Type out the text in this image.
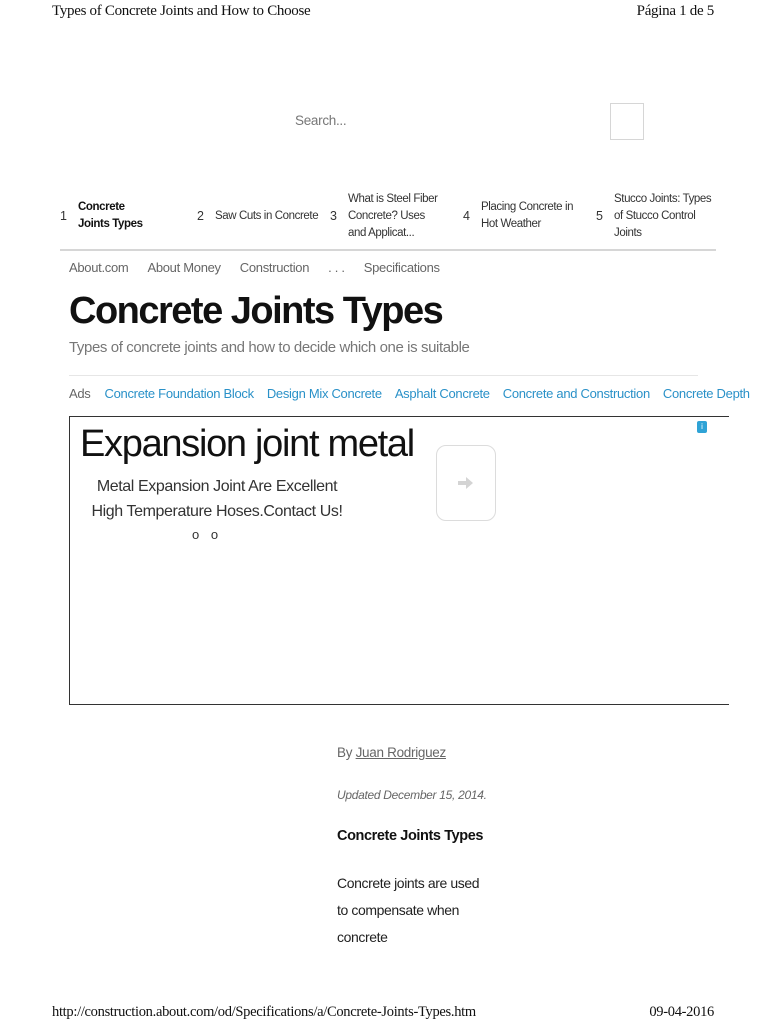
Types of Concrete Joints and How to Choose	Página 1 de 5
Search...
1
Concrete Joints Types
2 Saw Cuts in Concrete 3
What is Steel Fiber Concrete? Uses and Applicat...
4
Placing Concrete in Hot Weather
5
Stucco Joints: Types of Stucco Control Joints
About.com About Money Construction . . . Specifications
Concrete Joints Types
Types of concrete joints and how to decide which one is suitable
Ads Concrete Foundation Block Design Mix Concrete Asphalt Concrete Concrete and Construction Concrete Depth
Expansion joint metal
Metal Expansion Joint Are Excellent High Temperature Hoses.Contact Us!
o o
i
By Juan Rodriguez
Updated December 15, 2014.
Concrete Joints Types
Concrete joints are used to compensate when concrete
http://construction.about.com/od/Specifications/a/Concrete-Joints-Types.htm	09-04-2016
